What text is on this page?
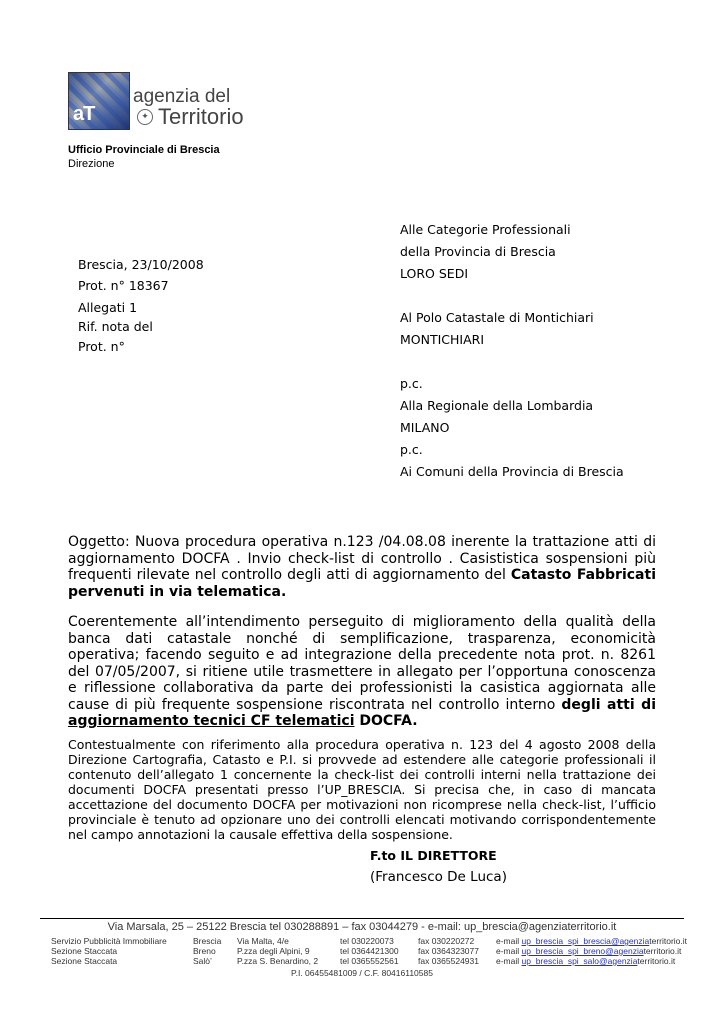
aT
agenzia del
✦ Territorio
Ufficio Provinciale di Brescia
Direzione
Brescia, 23/10/2008
Prot. n° 18367
Allegati 1
Rif. nota del
Prot. n°
Alle Categorie Professionali
della Provincia di Brescia
LORO SEDI
Al Polo Catastale di Montichiari
MONTICHIARI
p.c.
Alla Regionale della Lombardia
MILANO
p.c.
Ai Comuni della Provincia di Brescia
Oggetto: Nuova procedura operativa n.123 /04.08.08 inerente la trattazione atti di aggiornamento DOCFA . Invio check-list di controllo . Casististica sospensioni più frequenti rilevate nel controllo degli atti di aggiornamento del Catasto Fabbricati pervenuti in via telematica.
Coerentemente all’intendimento perseguito di miglioramento della qualità della banca dati catastale nonché di semplificazione, trasparenza, economicità operativa; facendo seguito e ad integrazione della precedente nota prot. n. 8261 del 07/05/2007, si ritiene utile trasmettere in allegato per l’opportuna conoscenza e riflessione collaborativa da parte dei professionisti la casistica aggiornata alle cause di più frequente sospensione riscontrata nel controllo interno degli atti di aggiornamento tecnici CF telematici DOCFA.
Contestualmente con riferimento alla procedura operativa n. 123 del 4 agosto 2008 della Direzione Cartografia, Catasto e P.I. si provvede ad estendere alle categorie professionali il contenuto dell’allegato 1 concernente la check-list dei controlli interni nella trattazione dei documenti DOCFA presentati presso l’UP_BRESCIA. Si precisa che, in caso di mancata accettazione del documento DOCFA per motivazioni non ricomprese nella check-list, l’ufficio provinciale è tenuto ad opzionare uno dei controlli elencati motivando corrispondentemente nel campo annotazioni la causale effettiva della sospensione.
F.to IL DIRETTORE
(Francesco De Luca)
Via Marsala, 25 – 25122 Brescia tel 030288891 – fax 03044279 - e-mail: up_brescia@agenziaterritorio.it
Servizio Pubblicità Immobiliare	Brescia Via Malta, 4/e	tel 030220073	fax 030220272	e-mail up_brescia_spi_brescia@agenziaterritorio.it
Sezione Staccata	Breno	P.zza degli Alpini, 9	tel 0364421300 fax 0364323077 e-mail up_brescia_spi_breno@agenziaterritorio.it
Sezione Staccata	Salò’	P.zza S. Benardino, 2	tel 0365552561 fax 0365524931 e-mail up_brescia_spi_salo@agenziaterritorio.it
P.I. 06455481009 / C.F. 80416110585
